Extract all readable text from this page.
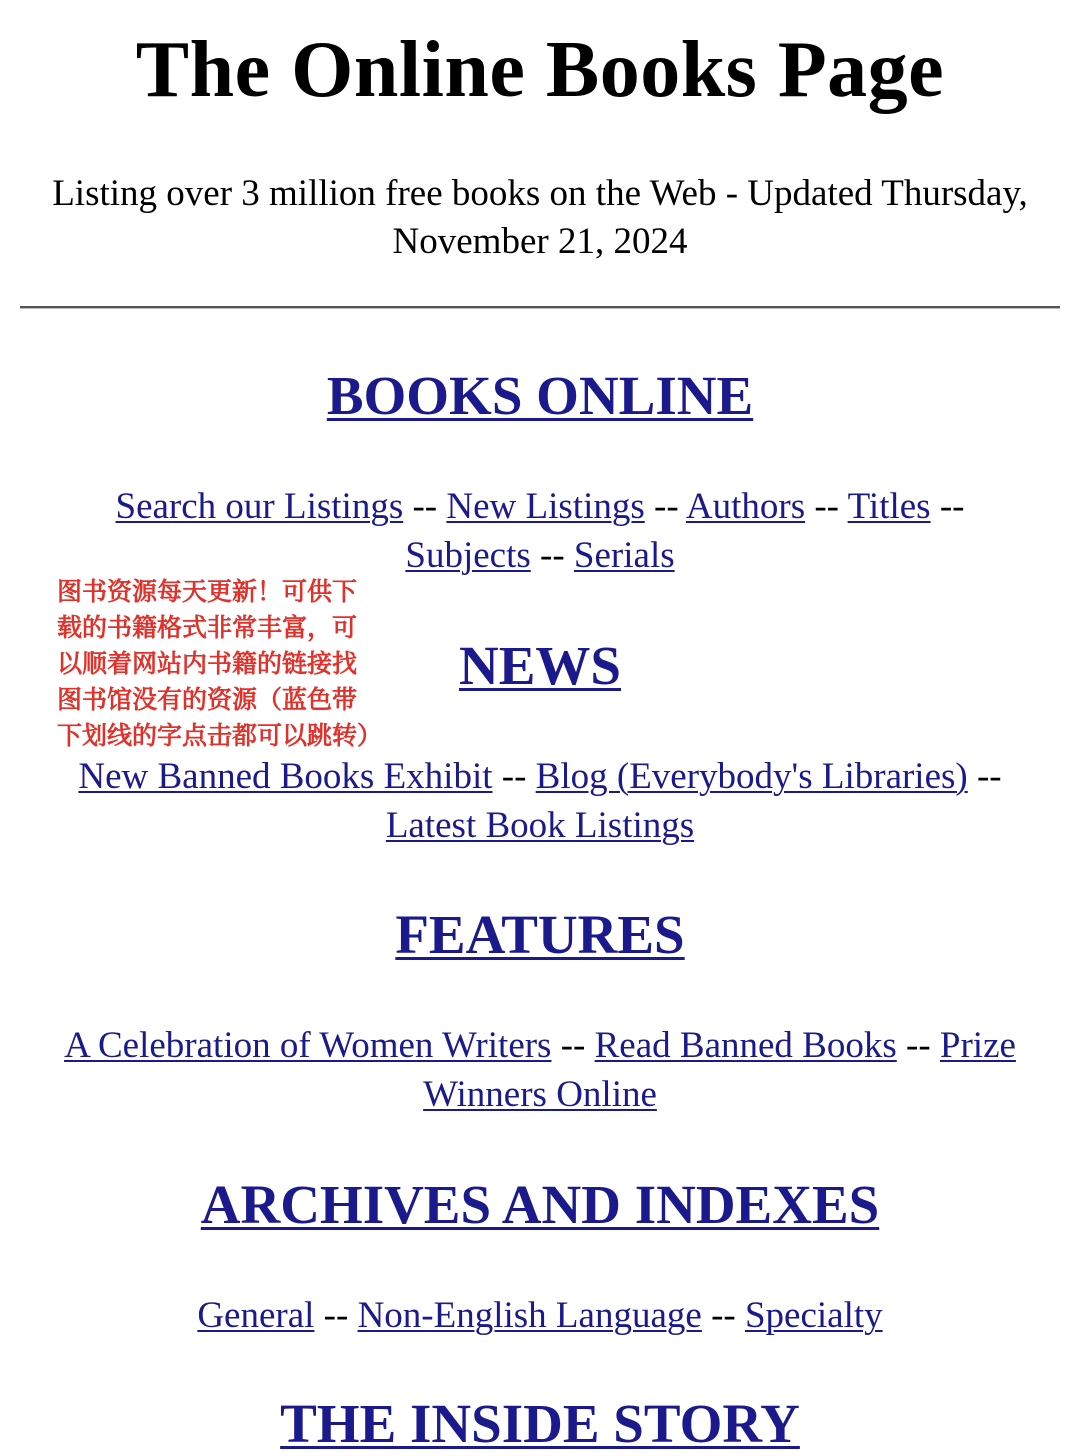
The Online Books Page

Listing over 3 million free books on the Web - Updated Thursday, November 21, 2024

BOOKS ONLINE

Search our Listings -- New Listings -- Authors -- Titles --
Subjects -- Serials

图书资源每天更新！可供下
载的书籍格式非常丰富，可
以顺着网站内书籍的链接找
图书馆没有的资源（蓝色带
下划线的字点击都可以跳转）

NEWS

New Banned Books Exhibit -- Blog (Everybody's Libraries) --
Latest Book Listings

FEATURES

A Celebration of Women Writers -- Read Banned Books -- Prize Winners Online

ARCHIVES AND INDEXES

General -- Non-English Language -- Specialty

THE INSIDE STORY
